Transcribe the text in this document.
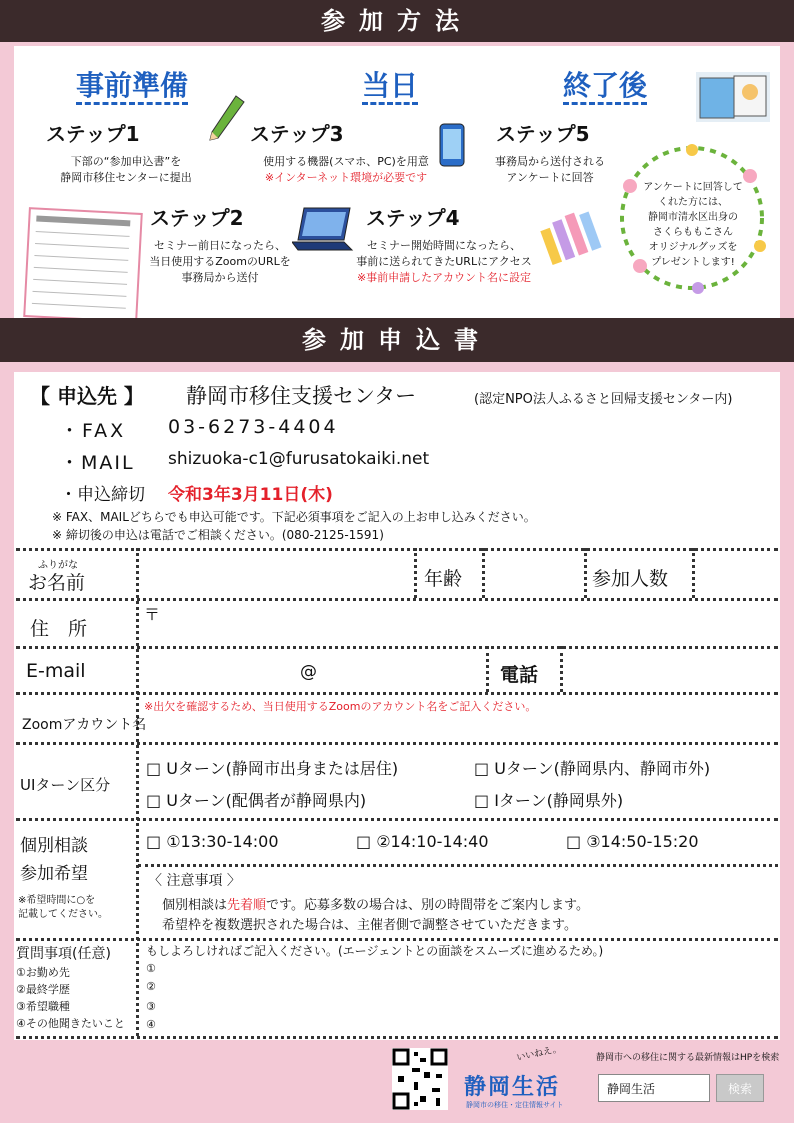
参加方法
事前準備	当日	終了後
ステップ1
下部の“参加申込書”を
静岡市移住センターに提出
ステップ3
使用する機器(スマホ、PC)を用意
※インターネット環境が必要です
ステップ5
事務局から送付される
アンケートに回答
ステップ2
セミナー前日になったら、
当日使用するZoomのURLを
事務局から送付
ステップ4
セミナー開始時間になったら、
事前に送られてきたURLにアクセス
※事前申請したアカウント名に設定
アンケートに回答して
くれた方には、
静岡市清水区出身の
さくらももこさん
オリジナルグッズを
プレゼントします!
参加申込書
【 申込先 】 静岡市移住支援センター	(認定NPO法人ふるさと回帰支援センター内)
・FAX 03-6273-4404
・MAIL shizuoka-c1@furusatokaiki.net
・申込締切 令和3年3月11日(木)
※ FAX、MAILどちらでも申込可能です。下記必須事項をご記入の上お申し込みください。
※ 締切後の申込は電話でご相談ください。(080-2125-1591)
ふりがな
お名前	年齢	参加人数
住　所
〒
E-mail	@	電話
Zoomアカウント名
※出欠を確認するため、当日使用するZoomのアカウント名をご記入ください。
UIターン区分
□ Uターン(静岡市出身または居住)	□ Uターン(静岡県内、静岡市外)
□ Uターン(配偶者が静岡県内)	□ Iターン(静岡県外)
個別相談
参加希望
※希望時間に○を
記載してください。
□ ①13:30-14:00	□ ②14:10-14:40	□ ③14:50-15:20
〈 注意事項 〉
個別相談は先着順です。応募多数の場合は、別の時間帯をご案内します。
希望枠を複数選択された場合は、主催者側で調整させていただきます。
質問事項(任意)
①お勤め先
②最終学歴
③希望職種
④その他聞きたいこと
もしよろしければご記入ください。(エージェントとの面談をスムーズに進めるため。)
①
②
③
④
いいねえ。
静岡生活
静岡市の移住・定住情報サイト
静岡市への移住に関する最新情報はHPを検索
静岡生活	検索
